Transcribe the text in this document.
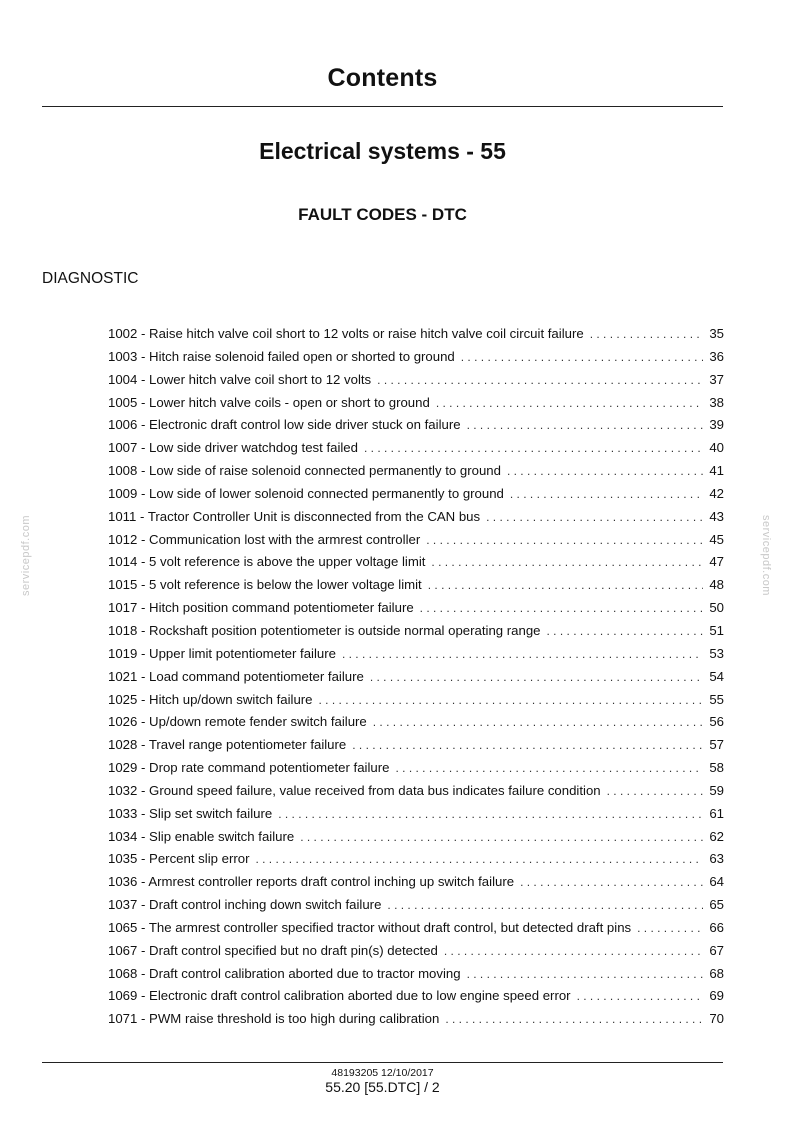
Contents
Electrical systems - 55
FAULT CODES - DTC
DIAGNOSTIC
1002 - Raise hitch valve coil short to 12 volts or raise hitch valve coil circuit failure . . .	35
1003 - Hitch raise solenoid failed open or shorted to ground . . .	36
1004 - Lower hitch valve coil short to 12 volts . . .	37
1005 - Lower hitch valve coils - open or short to ground . . .	38
1006 - Electronic draft control low side driver stuck on failure . . .	39
1007 - Low side driver watchdog test failed . . .	40
1008 - Low side of raise solenoid connected permanently to ground . . .	41
1009 - Low side of lower solenoid connected permanently to ground . . .	42
1011 - Tractor Controller Unit is disconnected from the CAN bus . . .	43
1012 - Communication lost with the armrest controller . . .	45
1014 - 5 volt reference is above the upper voltage limit . . .	47
1015 - 5 volt reference is below the lower voltage limit . . .	48
1017 - Hitch position command potentiometer failure . . .	50
1018 - Rockshaft position potentiometer is outside normal operating range . . .	51
1019 - Upper limit potentiometer failure . . .	53
1021 - Load command potentiometer failure . . .	54
1025 - Hitch up/down switch failure . . .	55
1026 - Up/down remote fender switch failure . . .	56
1028 - Travel range potentiometer failure . . .	57
1029 - Drop rate command potentiometer failure . . .	58
1032 - Ground speed failure, value received from data bus indicates failure condition . . .	59
1033 - Slip set switch failure . . .	61
1034 - Slip enable switch failure . . .	62
1035 - Percent slip error . . .	63
1036 - Armrest controller reports draft control inching up switch failure . . .	64
1037 - Draft control inching down switch failure . . .	65
1065 - The armrest controller specified tractor without draft control, but detected draft pins . . .	66
1067 - Draft control specified but no draft pin(s) detected . . .	67
1068 - Draft control calibration aborted due to tractor moving . . .	68
1069 - Electronic draft control calibration aborted due to low engine speed error . . .	69
1071 - PWM raise threshold is too high during calibration . . .	70
48193205 12/10/2017
55.20 [55.DTC] / 2
servicepdf.com	servicepdf.com
